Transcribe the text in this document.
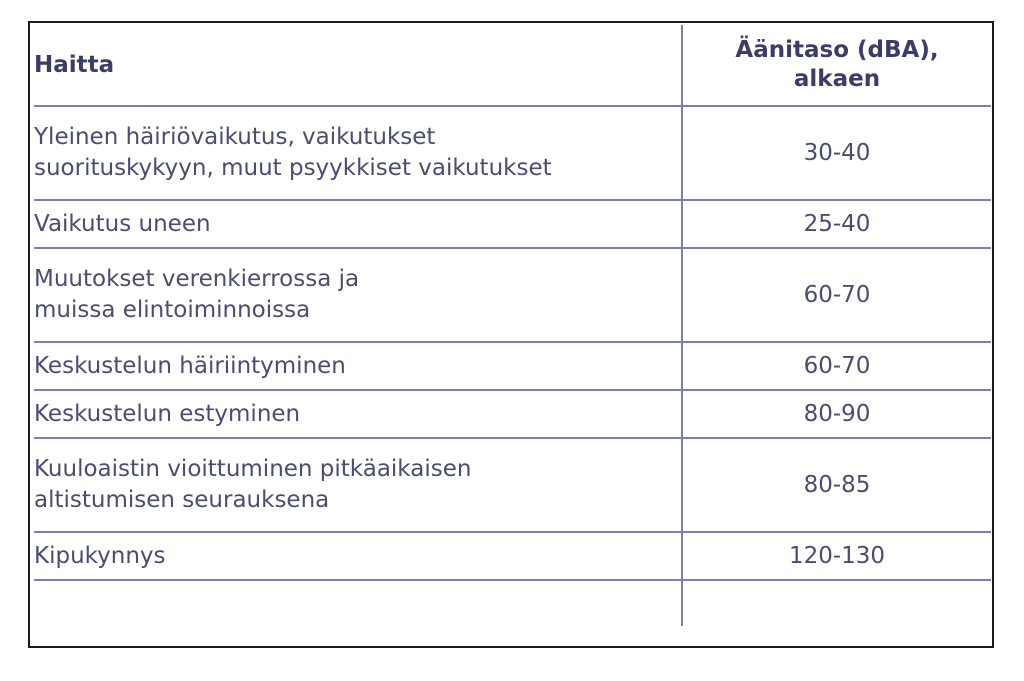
Haitta	Äänitaso (dBA),
alkaen

Yleinen häiriövaikutus, vaikutukset
suorituskykyyn, muut psyykkiset vaikutukset	30-40
Vaikutus uneen	25-40

Muutokset verenkierrossa ja
muissa elintoiminnoissa	60-70
Keskustelun häiriintyminen	60-70
Keskustelun estyminen	80-90

Kuuloaistin vioittuminen pitkäaikaisen
altistumisen seurauksena	80-85
Kipukynnys	120-130
